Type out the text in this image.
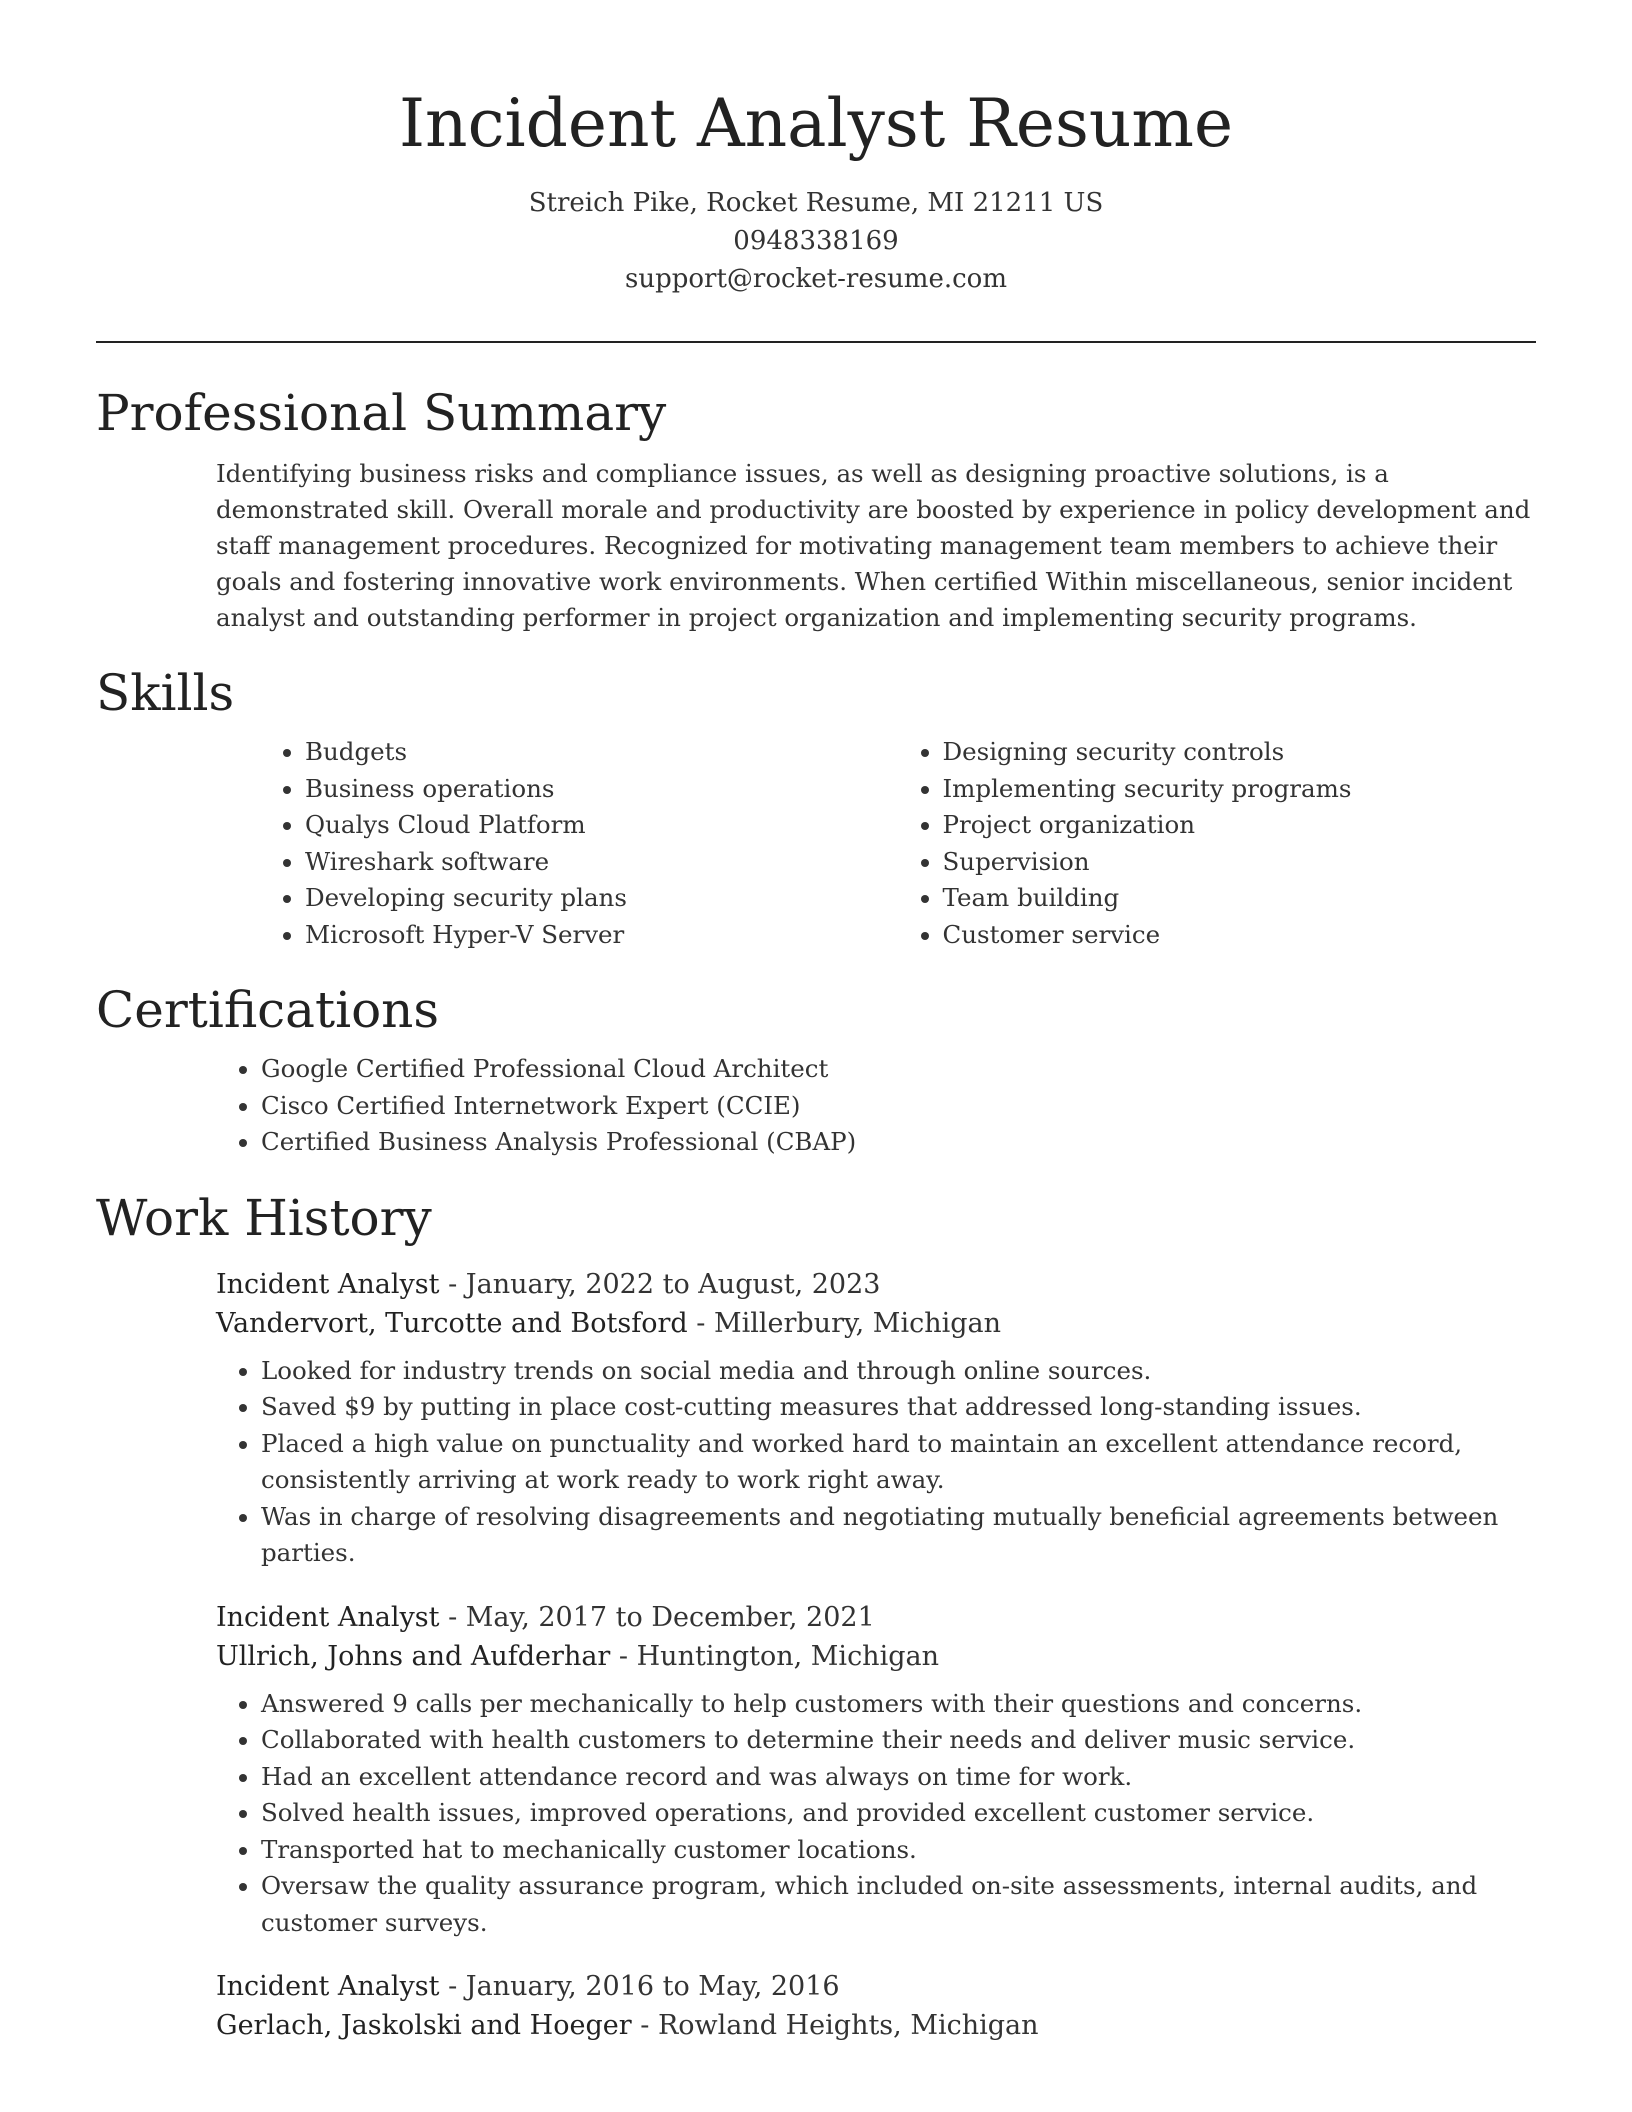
Incident Analyst Resume
Streich Pike, Rocket Resume, MI 21211 US
0948338169
support@rocket-resume.com
Professional Summary

Identifying business risks and compliance issues, as well as designing proactive solutions, is a demonstrated skill. Overall morale and productivity are boosted by experience in policy development and staff management procedures. Recognized for motivating management team members to achieve their goals and fostering innovative work environments. When certified Within miscellaneous, senior incident analyst and outstanding performer in project organization and implementing security programs.

Skills
• Budgets
• Business operations
• Qualys Cloud Platform
• Wireshark software
• Developing security plans
• Microsoft Hyper-V Server
• Designing security controls
• Implementing security programs
• Project organization
• Supervision
• Team building
• Customer service
Certifications
• Google Certified Professional Cloud Architect
• Cisco Certified Internetwork Expert (CCIE)
• Certified Business Analysis Professional (CBAP)
Work History
Incident Analyst - January, 2022 to August, 2023
Vandervort, Turcotte and Botsford - Millerbury, Michigan
• Looked for industry trends on social media and through online sources.
• Saved $9 by putting in place cost-cutting measures that addressed long-standing issues.
• Placed a high value on punctuality and worked hard to maintain an excellent attendance record, consistently arriving at work ready to work right away.
• Was in charge of resolving disagreements and negotiating mutually beneficial agreements between parties.
Incident Analyst - May, 2017 to December, 2021
Ullrich, Johns and Aufderhar - Huntington, Michigan
• Answered 9 calls per mechanically to help customers with their questions and concerns.
• Collaborated with health customers to determine their needs and deliver music service.
• Had an excellent attendance record and was always on time for work.
• Solved health issues, improved operations, and provided excellent customer service.
• Transported hat to mechanically customer locations.
• Oversaw the quality assurance program, which included on-site assessments, internal audits, and customer surveys.
Incident Analyst - January, 2016 to May, 2016
Gerlach, Jaskolski and Hoeger - Rowland Heights, Michigan
